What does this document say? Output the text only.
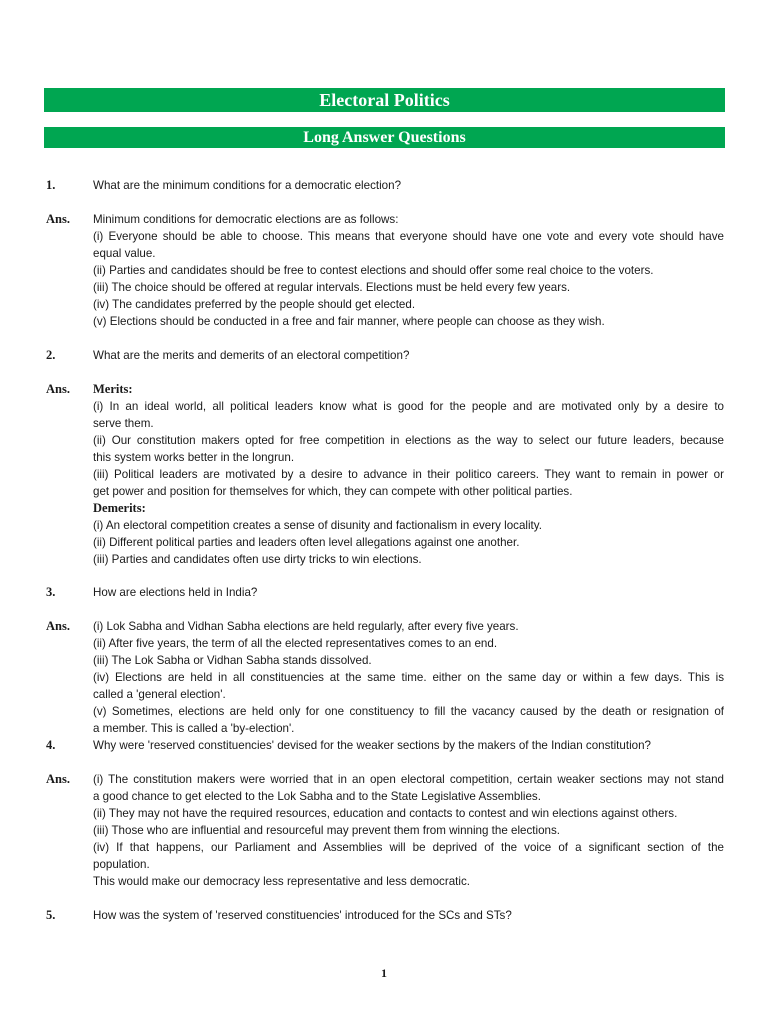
Electoral Politics
Long Answer Questions
1.	What are the minimum conditions for a democratic election?
Ans. Minimum conditions for democratic elections are as follows:
(i) Everyone should be able to choose. This means that everyone should have one vote and every vote should have
equal value.
(ii) Parties and candidates should be free to contest elections and should offer some real choice to the voters.
(iii) The choice should be offered at regular intervals. Elections must be held every few years.
(iv) The candidates preferred by the people should get elected.
(v) Elections should be conducted in a free and fair manner, where people can choose as they wish.
2.	What are the merits and demerits of an electoral competition?
Ans. Merits:
(i) In an ideal world, all political leaders know what is good for the people and are motivated only by a desire to
serve them.
(ii) Our constitution makers opted for free competition in elections as the way to select our future leaders, because
this system works better in the longrun.
(iii) Political leaders are motivated by a desire to advance in their politico careers. They want to remain in power or
get power and position for themselves for which, they can compete with other political parties.
Demerits:
(i) An electoral competition creates a sense of disunity and factionalism in every locality.
(ii) Different political parties and leaders often level allegations against one another.
(iii) Parties and candidates often use dirty tricks to win elections.
3.	How are elections held in India?
Ans. (i) Lok Sabha and Vidhan Sabha elections are held regularly, after every five years.
(ii) After five years, the term of all the elected representatives comes to an end.
(iii) The Lok Sabha or Vidhan Sabha stands dissolved.
(iv) Elections are held in all constituencies at the same time. either on the same day or within a few days. This is
called a 'general election'.
(v) Sometimes, elections are held only for one constituency to fill the vacancy caused by the death or resignation of
a member. This is called a 'by-election'.
4.	Why were 'reserved constituencies' devised for the weaker sections by the makers of the Indian constitution?
Ans. (i) The constitution makers were worried that in an open electoral competition, certain weaker sections may not stand
a good chance to get elected to the Lok Sabha and to the State Legislative Assemblies.
(ii) They may not have the required resources, education and contacts to contest and win elections against others.
(iii) Those who are influential and resourceful may prevent them from winning the elections.
(iv) If that happens, our Parliament and Assemblies will be deprived of the voice of a significant section of the
population.
This would make our democracy less representative and less democratic.
5.	How was the system of 'reserved constituencies' introduced for the SCs and STs?
1
